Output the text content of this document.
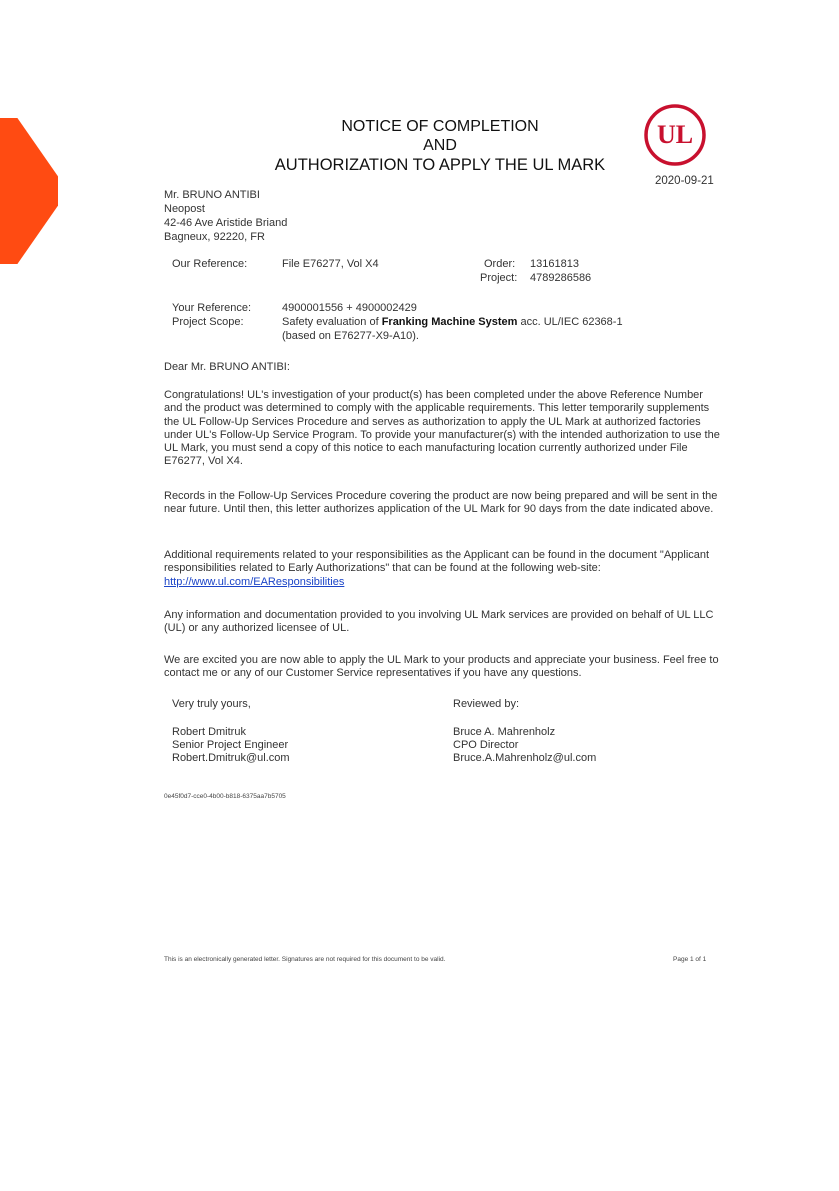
NOTICE OF COMPLETION
AND
AUTHORIZATION TO APPLY THE UL MARK
UL
2020-09-21
Mr. BRUNO ANTIBI
Neopost
42-46 Ave Aristide Briand
Bagneux, 92220, FR
Our Reference:	File E76277, Vol X4	Order: 13161813
Project: 4789286586
Your Reference:	4900001556 + 4900002429
Project Scope:	Safety evaluation of Franking Machine System acc. UL/IEC 62368-1
(based on E76277-X9-A10).
Dear Mr. BRUNO ANTIBI:

Congratulations! UL's investigation of your product(s) has been completed under the above Reference Number and the product was determined to comply with the applicable requirements. This letter temporarily supplements the UL Follow-Up Services Procedure and serves as authorization to apply the UL Mark at authorized factories under UL's Follow-Up Service Program. To provide your manufacturer(s) with the intended authorization to use the UL Mark, you must send a copy of this notice to each manufacturing location currently authorized under File E76277, Vol X4.

Records in the Follow-Up Services Procedure covering the product are now being prepared and will be sent in the near future. Until then, this letter authorizes application of the UL Mark for 90 days from the date indicated above.

Additional requirements related to your responsibilities as the Applicant can be found in the document "Applicant responsibilities related to Early Authorizations" that can be found at the following web-site:

http://www.ul.com/EAResponsibilities

Any information and documentation provided to you involving UL Mark services are provided on behalf of UL LLC (UL) or any authorized licensee of UL.

We are excited you are now able to apply the UL Mark to your products and appreciate your business. Feel free to contact me or any of our Customer Service representatives if you have any questions.

Very truly yours,	Reviewed by:
Robert Dmitruk
Senior Project Engineer
Robert.Dmitruk@ul.com
Bruce A. Mahrenholz
CPO Director
Bruce.A.Mahrenholz@ul.com
0e45f0d7-cce0-4b00-b818-6375aa7b5705
This is an electronically generated letter. Signatures are not required for this document to be valid.	Page 1 of 1
